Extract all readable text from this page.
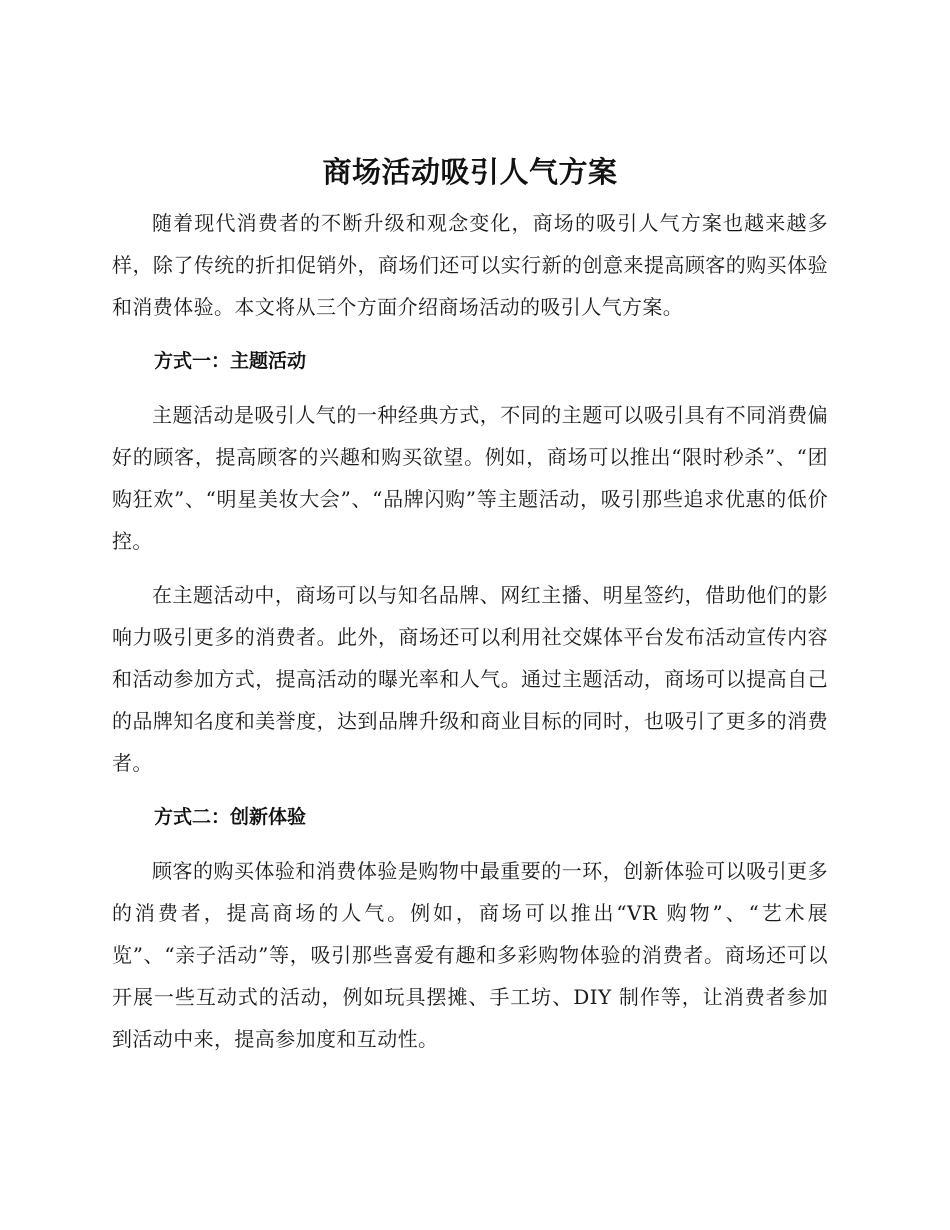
商场活动吸引人气方案

随着现代消费者的不断升级和观念变化，商场的吸引人气方案也越来越多样，除了传统的折扣促销外，商场们还可以实行新的创意来提高顾客的购买体验和消费体验。本文将从三个方面介绍商场活动的吸引人气方案。

方式一：主题活动

主题活动是吸引人气的一种经典方式，不同的主题可以吸引具有不同消费偏好的顾客，提高顾客的兴趣和购买欲望。例如，商场可以推出“限时秒杀”、“团购狂欢”、“明星美妆大会”、“品牌闪购”等主题活动，吸引那些追求优惠的低价控。

在主题活动中，商场可以与知名品牌、网红主播、明星签约，借助他们的影响力吸引更多的消费者。此外，商场还可以利用社交媒体平台发布活动宣传内容和活动参加方式，提高活动的曝光率和人气。通过主题活动，商场可以提高自己的品牌知名度和美誉度，达到品牌升级和商业目标的同时，也吸引了更多的消费者。

方式二：创新体验

顾客的购买体验和消费体验是购物中最重要的一环，创新体验可以吸引更多的消费者，提高商场的人气。例如，商场可以推出“VR 购物”、“艺术展览”、“亲子活动”等，吸引那些喜爱有趣和多彩购物体验的消费者。商场还可以开展一些互动式的活动，例如玩具摆摊、手工坊、DIY 制作等，让消费者参加到活动中来，提高参加度和互动性。
